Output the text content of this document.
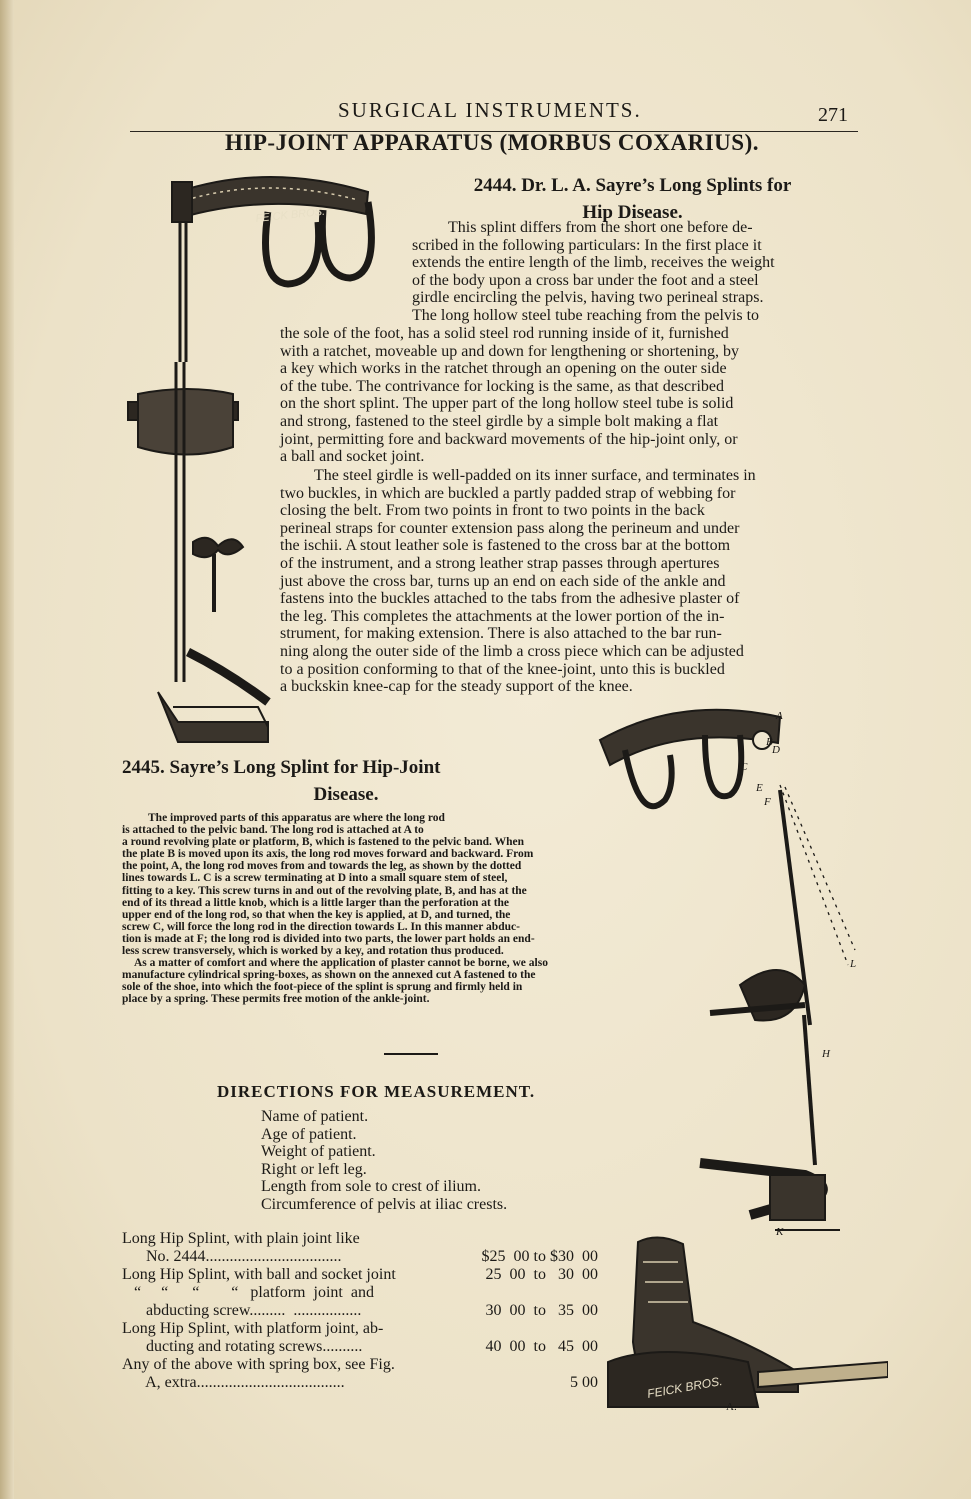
SURGICAL INSTRUMENTS.	271
HIP-JOINT APPARATUS (MORBUS COXARIUS).
FEICK BROS.
2444. Dr. L. A. Sayre’s Long Splints for
Hip Disease.
This splint differs from the short one before de-
scribed in the following particulars: In the first place it
extends the entire length of the limb, receives the weight
of the body upon a cross bar under the foot and a steel
girdle encircling the pelvis, having two perineal straps.
The long hollow steel tube reaching from the pelvis to
the sole of the foot, has a solid steel rod running inside of it, furnished
with a ratchet, moveable up and down for lengthening or shortening, by
a key which works in the ratchet through an opening on the outer side
of the tube. The contrivance for locking is the same, as that described
on the short splint. The upper part of the long hollow steel tube is solid
and strong, fastened to the steel girdle by a simple bolt making a flat
joint, permitting fore and backward movements of the hip-joint only, or
a ball and socket joint.
The steel girdle is well-padded on its inner surface, and terminates in
two buckles, in which are buckled a partly padded strap of webbing for
closing the belt. From two points in front to two points in the back
perineal straps for counter extension pass along the perineum and under
the ischii. A stout leather sole is fastened to the cross bar at the bottom
of the instrument, and a strong leather strap passes through apertures
just above the cross bar, turns up an end on each side of the ankle and
fastens into the buckles attached to the tabs from the adhesive plaster of
the leg. This completes the attachments at the lower portion of the in-
strument, for making extension. There is also attached to the bar run-
ning along the outer side of the limb a cross piece which can be adjusted
to a position conforming to that of the knee-joint, unto this is buckled
a buckskin knee-cap for the steady support of the knee.
A
B
C
D
E
F
H
K
L
2445. Sayre’s Long Splint for Hip-Joint
Disease.
The improved parts of this apparatus are where the long rod
is attached to the pelvic band. The long rod is attached at A to
a round revolving plate or platform, B, which is fastened to the pelvic band. When
the plate B is moved upon its axis, the long rod moves forward and backward. From
the point, A, the long rod moves from and towards the leg, as shown by the dotted
lines towards L. C is a screw terminating at D into a small square stem of steel,
fitting to a key. This screw turns in and out of the revolving plate, B, and has at the
end of its thread a little knob, which is a little larger than the perforation at the
upper end of the long rod, so that when the key is applied, at D, and turned, the
screw C, will force the long rod in the direction towards L. In this manner abduc-
tion is made at F; the long rod is divided into two parts, the lower part holds an end-
less screw transversely, which is worked by a key, and rotation thus produced.
As a matter of comfort and where the application of plaster cannot be borne, we also
manufacture cylindrical spring-boxes, as shown on the annexed cut A fastened to the
sole of the shoe, into which the foot-piece of the splint is sprung and firmly held in
place by a spring. These permits free motion of the ankle-joint.
DIRECTIONS FOR MEASUREMENT.
Name of patient.
Age of patient.
Weight of patient.
Right or left leg.
Length from sole to crest of ilium.
Circumference of pelvis at iliac crests.
Long Hip Splint, with plain joint like
No. 2444..................................	$25  00 to $30  00
Long Hip Splint, with ball and socket joint	25  00  to   30  00
“     “      “        “   platform  joint  and
abducting screw.........  .................	30  00  to   35  00
Long Hip Splint, with platform joint, ab-
ducting and rotating screws..........	40  00  to   45  00
Any of the above with spring box, see Fig.
A, extra.....................................	5 00	FEICK BROS.
A.
